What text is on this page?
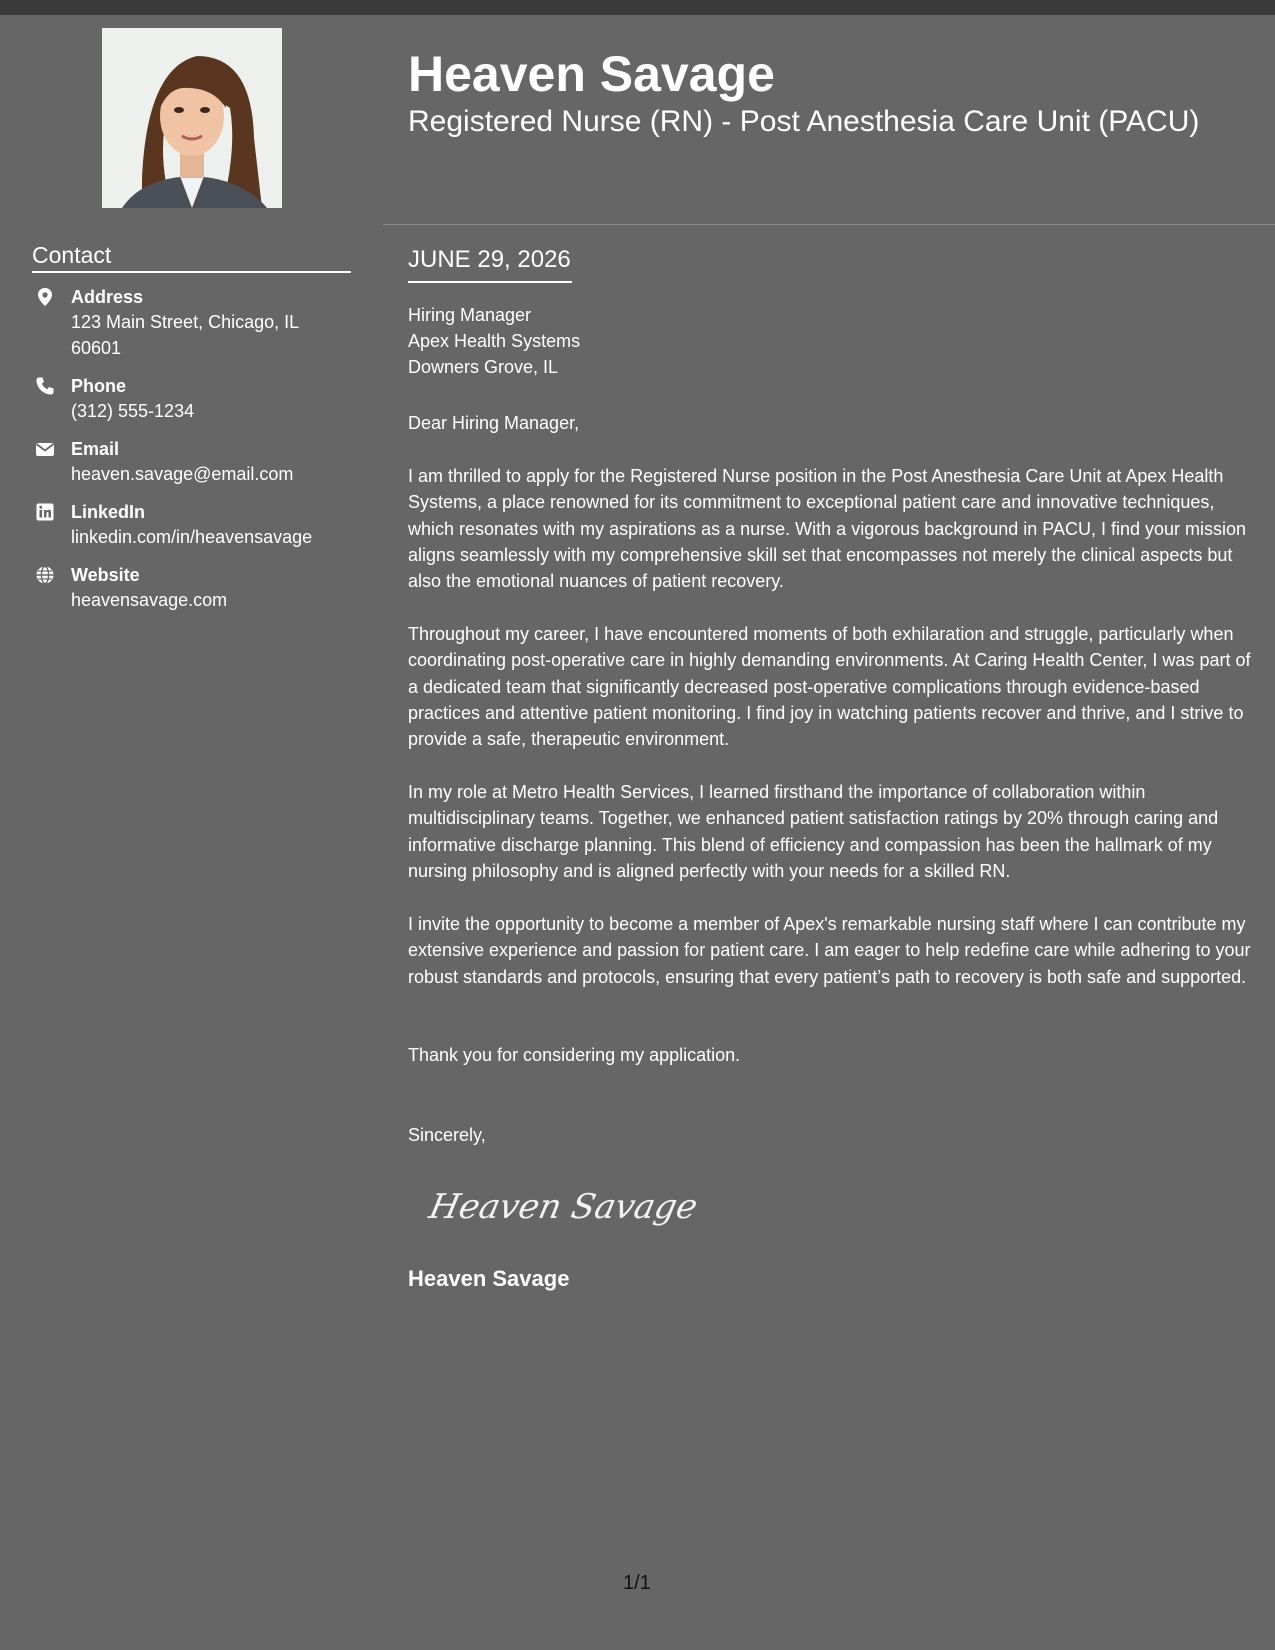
Heaven Savage
Registered Nurse (RN) - Post Anesthesia Care Unit (PACU)
Contact
Address
123 Main Street, Chicago, IL 60601
Phone
(312) 555-1234
Email
heaven.savage@email.com
LinkedIn
linkedin.com/in/heavensavage
Website
heavensavage.com
JUNE 29, 2026
Hiring Manager
Apex Health Systems
Downers Grove, IL
Dear Hiring Manager,
I am thrilled to apply for the Registered Nurse position in the Post Anesthesia Care Unit at Apex Health Systems, a place renowned for its commitment to exceptional patient care and innovative techniques, which resonates with my aspirations as a nurse. With a vigorous background in PACU, I find your mission aligns seamlessly with my comprehensive skill set that encompasses not merely the clinical aspects but also the emotional nuances of patient recovery.
Throughout my career, I have encountered moments of both exhilaration and struggle, particularly when coordinating post-operative care in highly demanding environments. At Caring Health Center, I was part of a dedicated team that significantly decreased post-operative complications through evidence-based practices and attentive patient monitoring. I find joy in watching patients recover and thrive, and I strive to provide a safe, therapeutic environment.
In my role at Metro Health Services, I learned firsthand the importance of collaboration within multidisciplinary teams. Together, we enhanced patient satisfaction ratings by 20% through caring and informative discharge planning. This blend of efficiency and compassion has been the hallmark of my nursing philosophy and is aligned perfectly with your needs for a skilled RN.
I invite the opportunity to become a member of Apex's remarkable nursing staff where I can contribute my extensive experience and passion for patient care. I am eager to help redefine care while adhering to your robust standards and protocols, ensuring that every patient’s path to recovery is both safe and supported.
Thank you for considering my application.
Sincerely,
Heaven Savage
Heaven Savage
1/1
